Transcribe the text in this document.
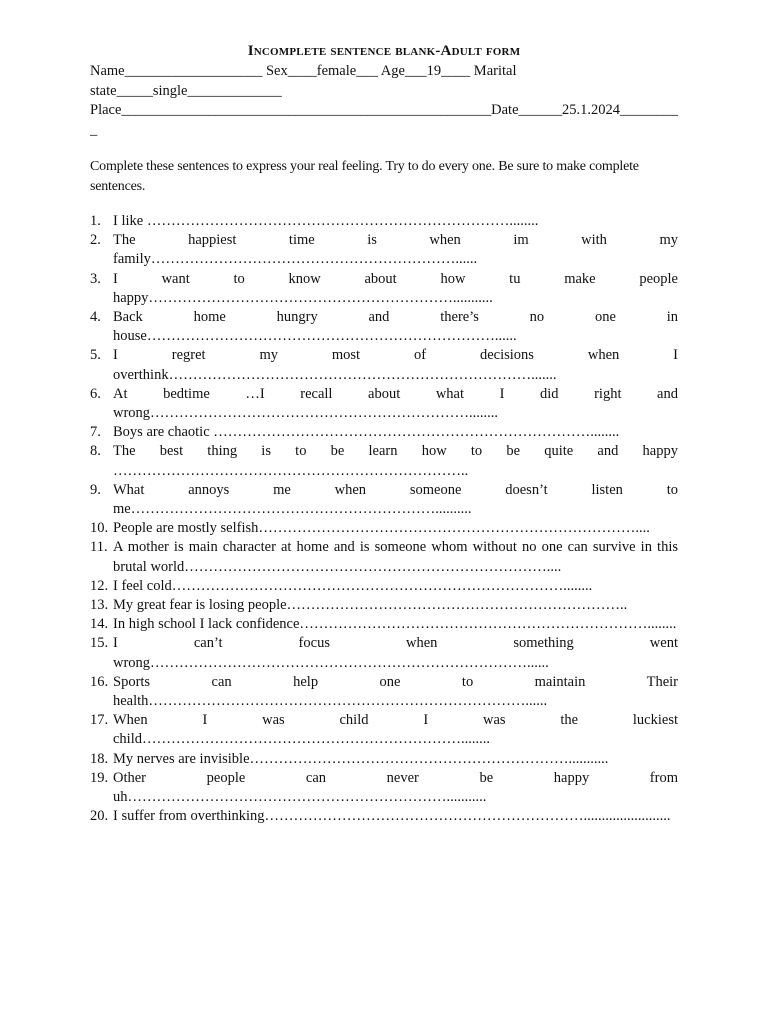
Incomplete sentence blank-Adult form
Name___________________ Sex____female___ Age___19____ Marital
state_____single_____________
Place___________________________________________________Date______25.1.2024________
_
Complete these sentences to express your real feeling. Try to do every one. Be sure to make complete sentences.
1. I like …………………………………………………………………........
2. The happiest time is when im with my family………………………………………………………......
3. I want to know about how tu make people happy………………………………………………………...........
4. Back home hungry and there’s no one in house………………………………………………………………......
5. I regret my most of decisions when I overthink………………………………………………………………….......
6. At bedtime …I recall about what I did right and wrong…………………………………………………………........
7. Boys are chaotic ……………………………………………………………………........
8. The best thing is to be learn how to be quite and happy ………………………………………………………………..
9. What annoys me when someone doesn’t listen to me………………………………………………………..........
10. People are mostly selfish……………………………………………………………………....
11. A mother is main character at home and is someone whom without no one can survive in this brutal world…………………………………………………………………....
12. I feel cold………………………………………………………………………........
13. My great fear is losing people……………………………………………………………..
14. In high school I lack confidence………………………………………………………………........
15. I can’t focus when something went wrong……………………………………………………………………......
16. Sports can help one to maintain Their health……………………………………………………………………......
17. When I was child I was the luckiest child…………………………………………………………........
18. My nerves are invisible…………………………………………………………...........
19. Other people can never be happy from uh…………………………………………………………...........
20. I suffer from overthinking…………………………………………………………........................
